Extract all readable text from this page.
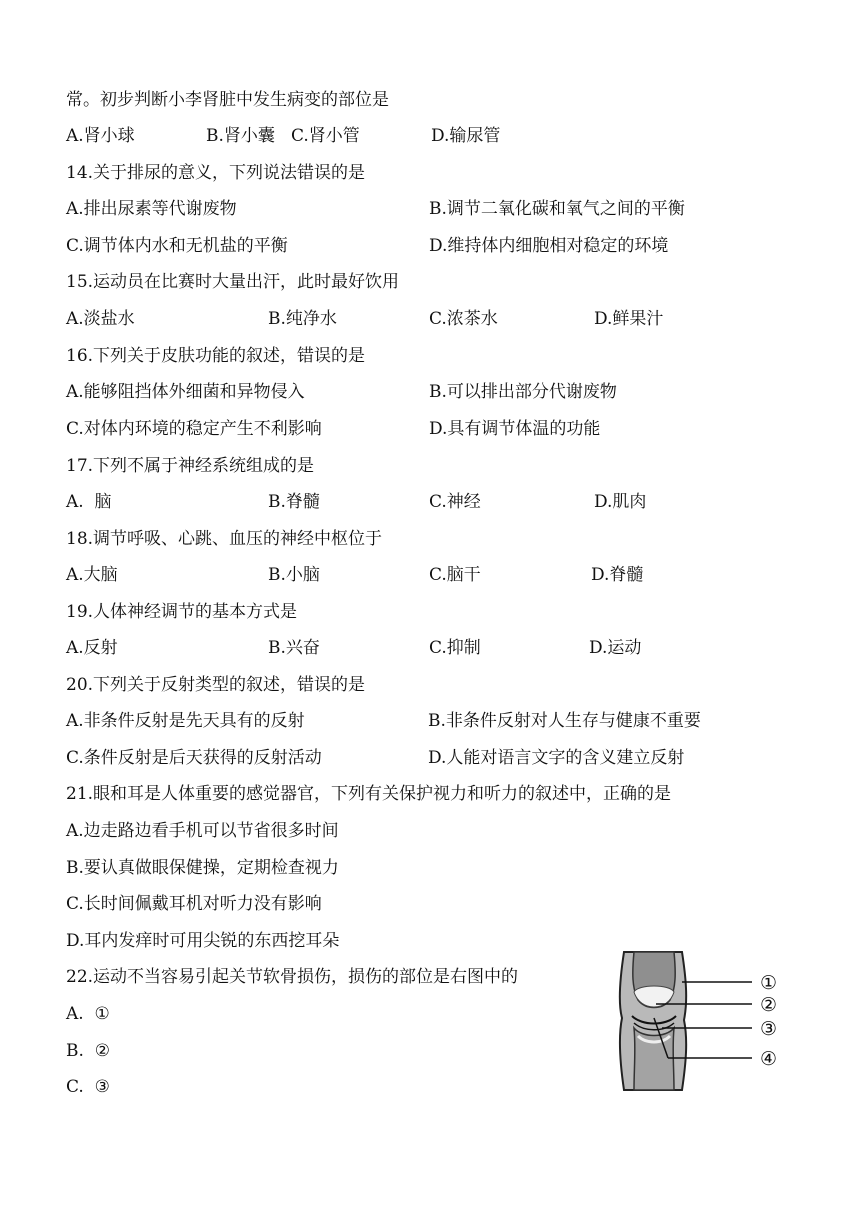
常。初步判断小李肾脏中发生病变的部位是
A.肾小球	B.肾小囊 C.肾小管	D.输尿管
14.关于排尿的意义，下列说法错误的是
A.排出尿素等代谢废物	B.调节二氧化碳和氧气之间的平衡
C.调节体内水和无机盐的平衡	D.维持体内细胞相对稳定的环境
15.运动员在比赛时大量出汗，此时最好饮用
A.淡盐水	B.纯净水	C.浓茶水	D.鲜果汁
16.下列关于皮肤功能的叙述，错误的是
A.能够阻挡体外细菌和异物侵入	B.可以排出部分代谢废物
C.对体内环境的稳定产生不利影响	D.具有调节体温的功能
17.下列不属于神经系统组成的是
A.  脑	B.脊髓	C.神经	D.肌肉
18.调节呼吸、心跳、血压的神经中枢位于
A.大脑	B.小脑	C.脑干	D.脊髓
19.人体神经调节的基本方式是
A.反射	B.兴奋	C.抑制	D.运动
20.下列关于反射类型的叙述，错误的是
A.非条件反射是先天具有的反射	B.非条件反射对人生存与健康不重要
C.条件反射是后天获得的反射活动	D.人能对语言文字的含义建立反射
21.眼和耳是人体重要的感觉器官，下列有关保护视力和听力的叙述中，正确的是
A.边走路边看手机可以节省很多时间
B.要认真做眼保健操，定期检查视力
C.长时间佩戴耳机对听力没有影响
D.耳内发痒时可用尖锐的东西挖耳朵
22.运动不当容易引起关节软骨损伤，损伤的部位是右图中的
A.  ①
B.  ②
C.  ③
①
②
③
④
